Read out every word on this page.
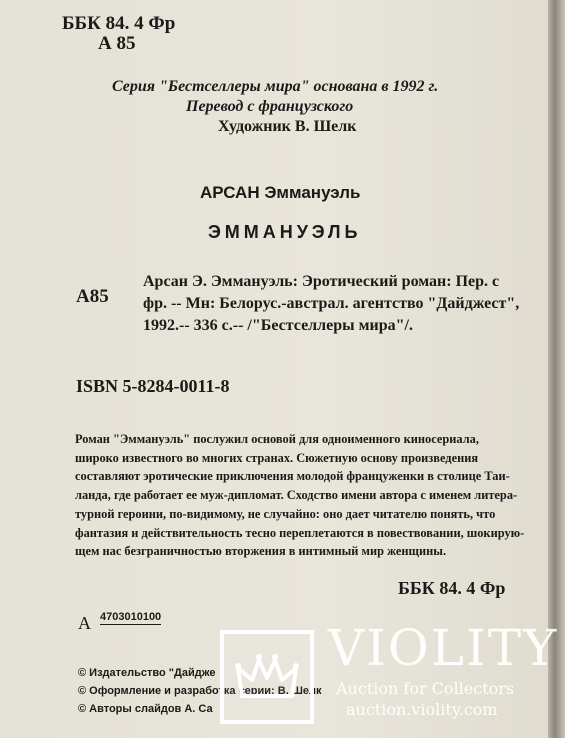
ББК 84. 4 Фр
А 85
Серия "Бестселлеры мира" основана в 1992 г.
Перевод с французского
Художник В. Шелк
АРСАН Эммануэль
ЭММАНУЭЛЬ
А85
Арсан Э. Эммануэль: Эротический роман: Пер. с
фр. -- Мн: Белорус.-австрал. агентство "Дайджест",
1992.-- 336 с.-- /"Бестселлеры мира"/.
ISBN 5-8284-0011-8
Роман "Эммануэль" послужил основой для одноименного киносериала,
широко известного во многих странах. Сюжетную основу произведения
составляют эротические приключения молодой француженки в столице Таи-
ланда, где работает ее муж-дипломат. Сходство имени автора с именем литера-
турной героини, по-видимому, не случайно: оно дает читателю понять, что
фантазия и действительность тесно переплетаются в повествовании, шокирую-
щем нас безграничностью вторжения в интимный мир женщины.
ББК 84. 4 Фр
А 4703010100
© Издательство "Дайдже
© Оформление и разработка серии: В. Шелк
© Авторы слайдов А. Са
VIOLITY
Auction for Collectors
auction.violity.com
